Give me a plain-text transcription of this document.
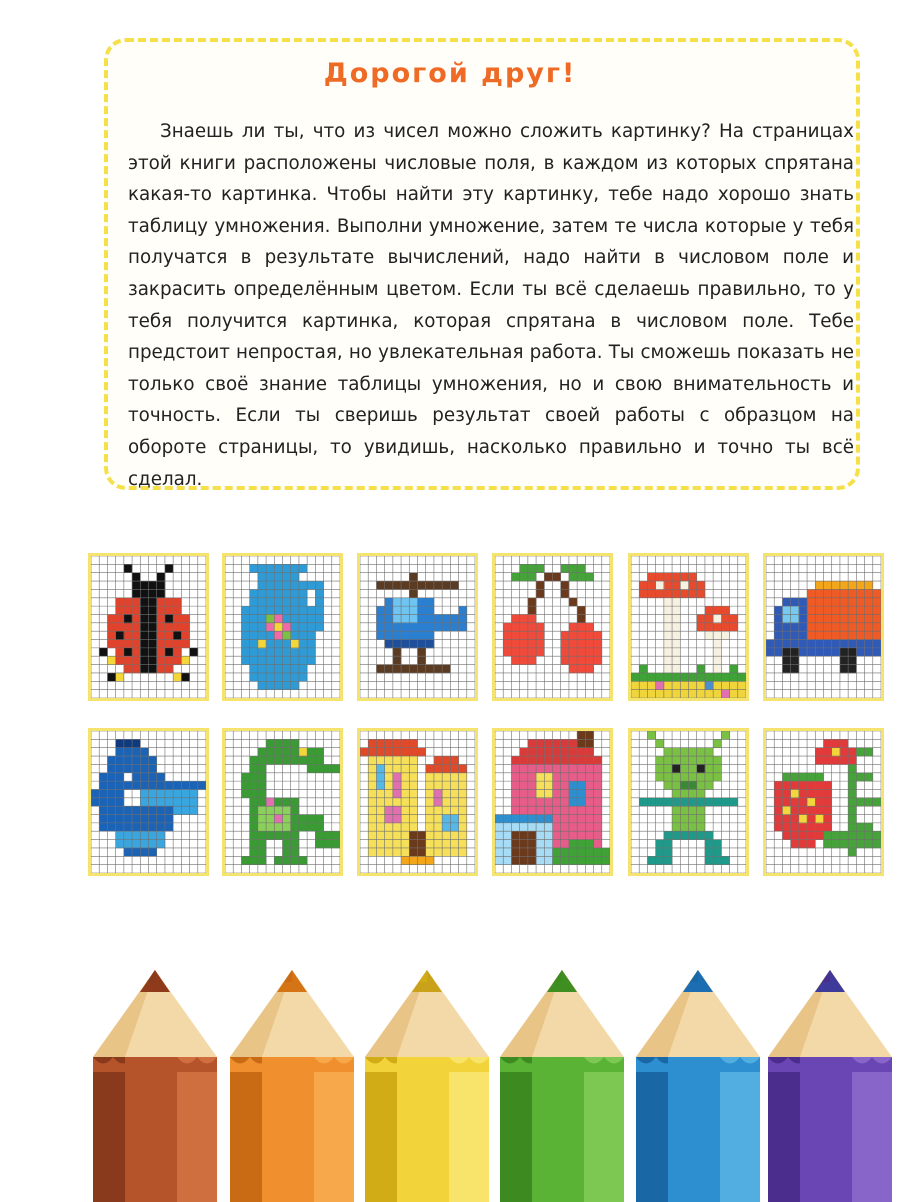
Дорогой друг!

Знаешь ли ты, что из чисел можно сложить картинку? На страницах этой книги расположены числовые поля, в каждом из которых спрятана какая-то картинка. Чтобы найти эту картинку, тебе надо хорошо знать таблицу умножения. Выполни умножение, затем те числа которые у тебя получатся в результате вычислений, надо найти в числовом поле и закрасить определённым цветом. Если ты всё сделаешь правильно, то у тебя получится картинка, которая спрятана в числовом поле. Тебе предстоит непростая, но увлекательная работа. Ты сможешь показать не только своё знание таблицы умножения, но и свою внимательность и точность. Если ты сверишь результат своей работы с образцом на обороте страницы, то увидишь, насколько правильно и точно ты всё сделал.
